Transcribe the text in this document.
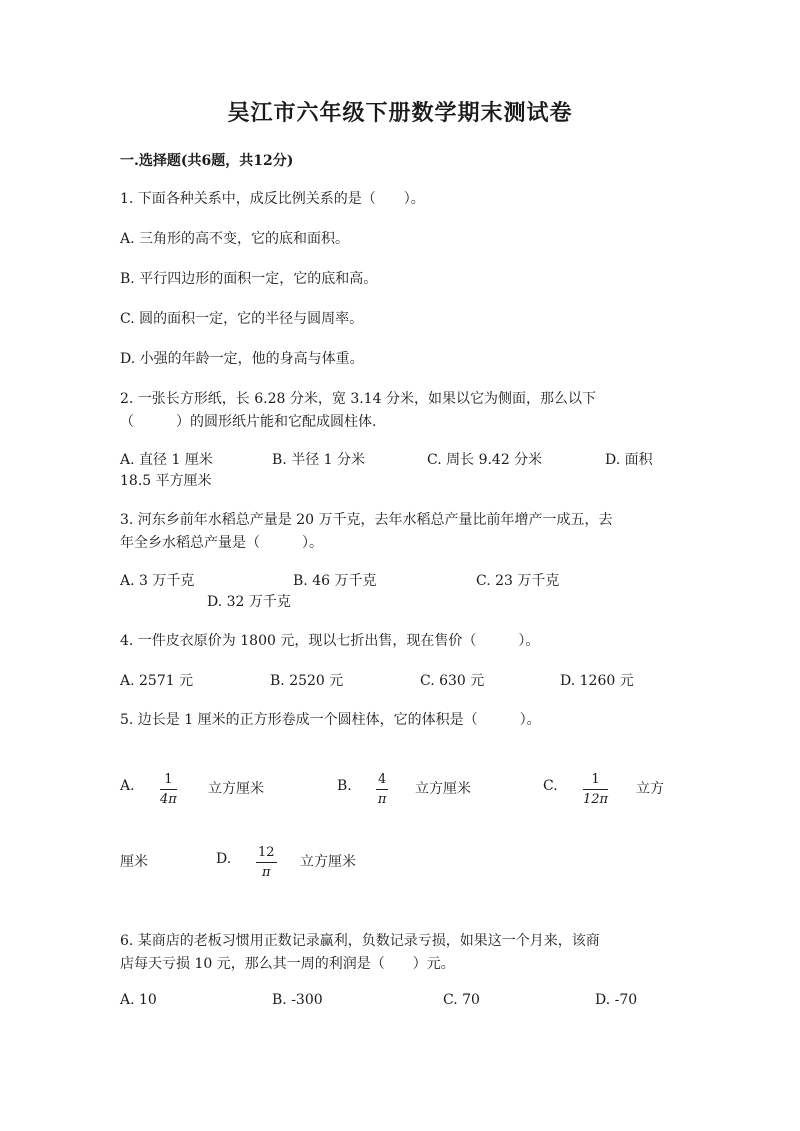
吴江市六年级下册数学期末测试卷
一.选择题(共6题，共12分)
1. 下面各种关系中，成反比例关系的是（　　）。
A. 三角形的高不变，它的底和面积。
B. 平行四边形的面积一定，它的底和高。
C. 圆的面积一定，它的半径与圆周率。
D. 小强的年龄一定，他的身高与体重。
2. 一张长方形纸，长 6.28 分米，宽 3.14 分米，如果以它为侧面，那么以下
（　　　）的圆形纸片能和它配成圆柱体.
A. 直径 1 厘米	B. 半径 1 分米	C. 周长 9.42 分米	D. 面积
18.5 平方厘米
3. 河东乡前年水稻总产量是 20 万千克，去年水稻总产量比前年增产一成五，去
年全乡水稻总产量是（　　　）。
A. 3 万千克	B. 46 万千克	C. 23 万千克
D. 32 万千克
4. 一件皮衣原价为 1800 元，现以七折出售，现在售价（　　　）。
A. 2571 元	B. 2520 元	C. 630 元	D. 1260 元
5. 边长是 1 厘米的正方形卷成一个圆柱体，它的体积是（　　　）。
A.	1
4π
立方厘米	B. 4
π
立方厘米	C.	1
12π
立方
厘米	D. 12
π
立方厘米
6. 某商店的老板习惯用正数记录赢利，负数记录亏损，如果这一个月来，该商
店每天亏损 10 元，那么其一周的利润是（　　）元。
A. 10	B. -300	C. 70	D. -70
